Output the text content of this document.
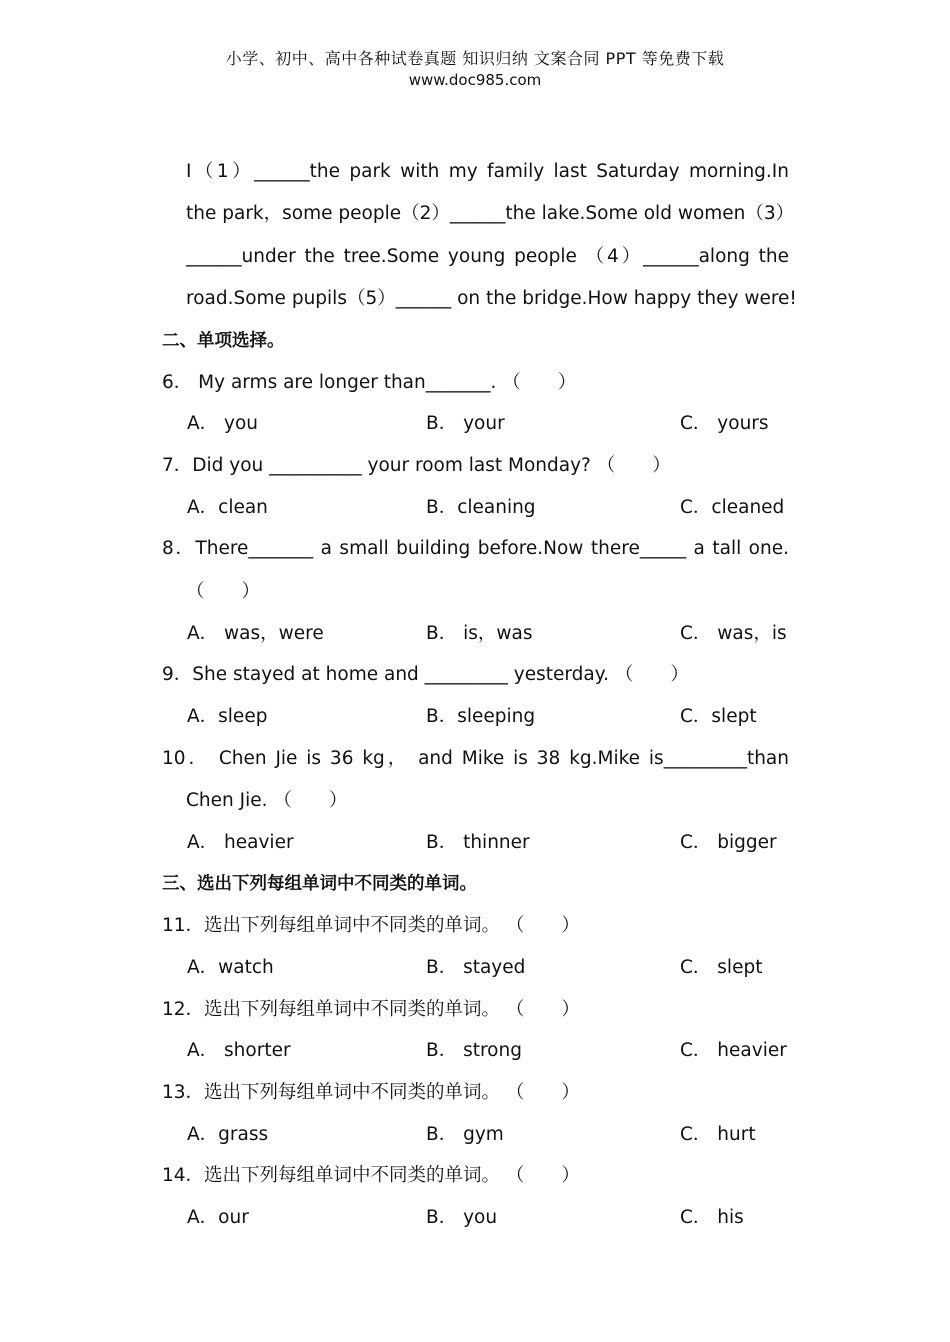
小学、初中、高中各种试卷真题 知识归纳 文案合同 PPT 等免费下载
www.doc985.com
I（1）______the park with my family last Saturday morning.In
the park，some people（2）______the lake.Some old women（3）
______under the tree.Some young people （4）______along the
road.Some pupils（5）______ on the bridge.How happy they were!
二、单项选择。
6． My arms are longer than_______. （　　）
A． you	B． your	C． yours
7．Did you __________ your room last Monday? （　　）
A．clean	B．cleaning	C．cleaned
8．There_______ a small building before.Now there_____ a tall one.
（　　）
A． was，were	B． is，was	C． was，is
9．She stayed at home and _________ yesterday. （　　）
A．sleep	B．sleeping	C．slept
10． Chen Jie is 36 kg， and Mike is 38 kg.Mike is_________than
Chen Jie. （　　）
A． heavier	B． thinner	C． bigger
三、选出下列每组单词中不同类的单词。
11．选出下列每组单词中不同类的单词。 （　　）
A．watch	B． stayed	C． slept
12．选出下列每组单词中不同类的单词。 （　　）
A． shorter	B． strong	C． heavier
13．选出下列每组单词中不同类的单词。 （　　）
A．grass	B． gym	C． hurt
14．选出下列每组单词中不同类的单词。 （　　）
A．our	B． you	C． his
